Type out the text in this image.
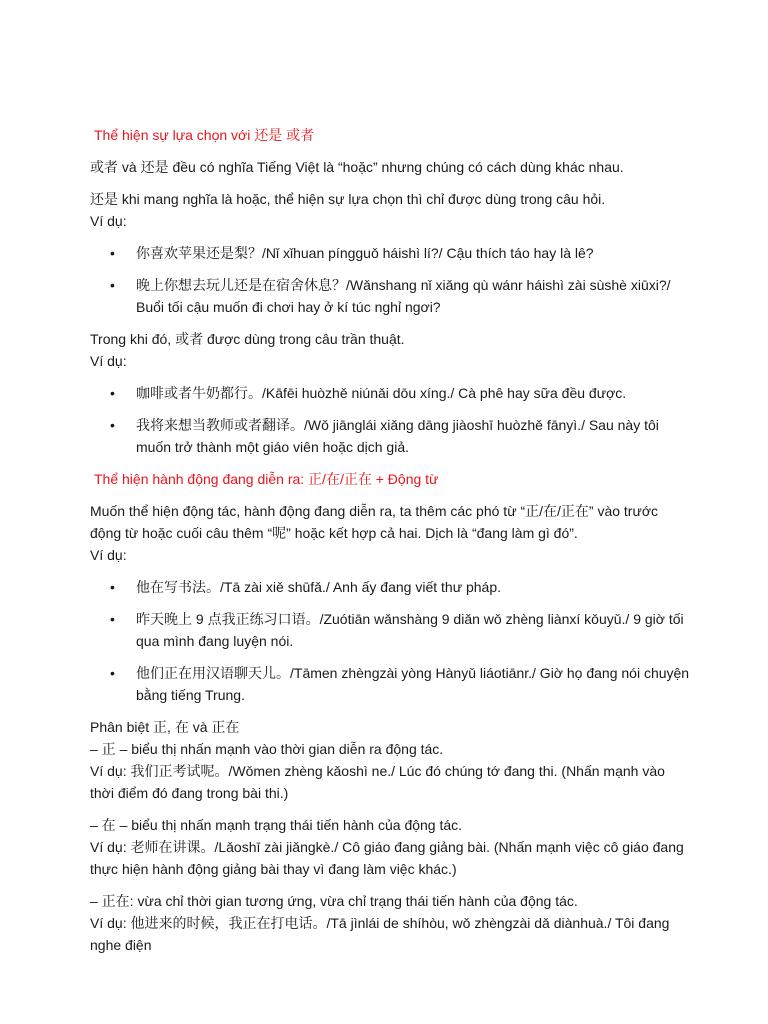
Thể hiện sự lựa chọn với 还是 或者

或者 và 还是 đều có nghĩa Tiếng Việt là “hoặc” nhưng chúng có cách dùng khác nhau.

还是 khi mang nghĩa là hoặc, thể hiện sự lựa chọn thì chỉ được dùng trong câu hỏi.

Ví dụ:

• 你喜欢苹果还是梨？/Nǐ xǐhuan píngguǒ háishì lí?/ Cậu thích táo hay là lê?
• 晚上你想去玩儿还是在宿舍休息？/Wǎnshang nǐ xiǎng qù wánr háishì zài sùshè xiūxi?/ Buổi tối cậu muốn đi chơi hay ở kí túc nghỉ ngơi?

Trong khi đó, 或者 được dùng trong câu trần thuật.

Ví dụ:

• 咖啡或者牛奶都行。/Kāfēi huòzhě niúnǎi dōu xíng./ Cà phê hay sữa đều được.
• 我将来想当教师或者翻译。/Wǒ jiānglái xiǎng dāng jiàoshī huòzhě fānyì./ Sau này tôi muốn trở thành một giáo viên hoặc dịch giả.
Thể hiện hành động đang diễn ra: 正/在/正在 + Động từ

Muốn thể hiện động tác, hành động đang diễn ra, ta thêm các phó từ “正/在/正在” vào trước động từ hoặc cuối câu thêm “呢” hoặc kết hợp cả hai. Dịch là “đang làm gì đó”.

Ví dụ:

• 他在写书法。/Tā zài xiě shūfǎ./ Anh ấy đang viết thư pháp.
• 昨天晚上 9 点我正练习口语。/Zuótiān wǎnshàng 9 diǎn wǒ zhèng liànxí kǒuyǔ./ 9 giờ tối qua mình đang luyện nói.
• 他们正在用汉语聊天儿。/Tāmen zhèngzài yòng Hànyǔ liáotiānr./ Giờ họ đang nói chuyện bằng tiếng Trung.
Phân biệt 正, 在 và 正在
– 正 – biểu thị nhấn mạnh vào thời gian diễn ra động tác.
Ví dụ: 我们正考试呢。/Wǒmen zhèng kǎoshì ne./ Lúc đó chúng tớ đang thi. (Nhấn mạnh vào thời điểm đó đang trong bài thi.)
– 在 – biểu thị nhấn mạnh trạng thái tiến hành của động tác.
Ví dụ: 老师在讲课。/Lǎoshī zài jiǎngkè./ Cô giáo đang giảng bài. (Nhấn mạnh việc cô giáo đang thực hiện hành động giảng bài thay vì đang làm việc khác.)
– 正在: vừa chỉ thời gian tương ứng, vừa chỉ trạng thái tiến hành của động tác.
Ví dụ: 他进来的时候，我正在打电话。/Tā jìnlái de shíhòu, wǒ zhèngzài dǎ diànhuà./ Tôi đang nghe điện
